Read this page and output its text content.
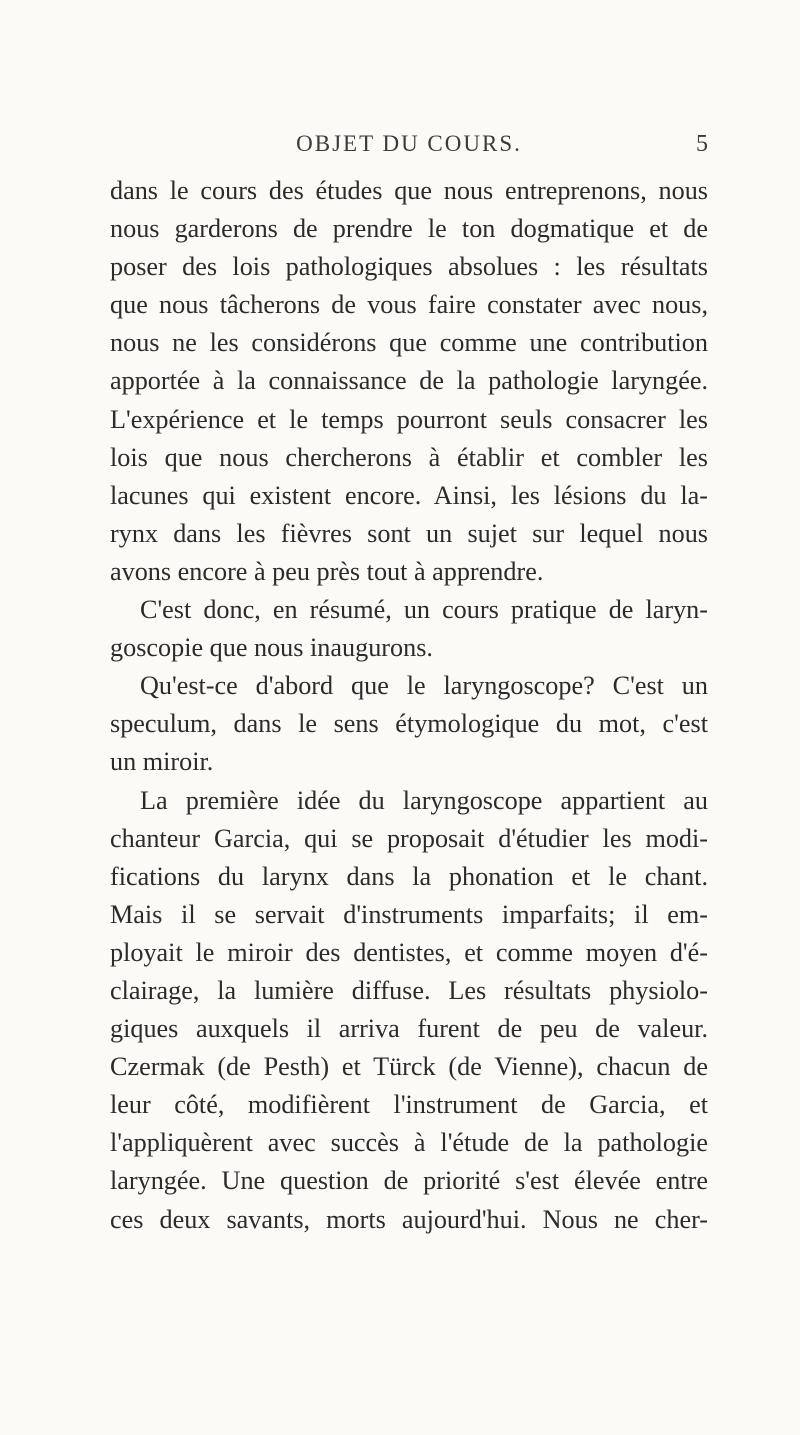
OBJET DU COURS.	5
dans le cours des études que nous entreprenons, nous
nous garderons de prendre le ton dogmatique et de
poser des lois pathologiques absolues : les résultats
que nous tâcherons de vous faire constater avec nous,
nous ne les considérons que comme une contribution
apportée à la connaissance de la pathologie laryngée.
L'expérience et le temps pourront seuls consacrer les
lois que nous chercherons à établir et combler les
lacunes qui existent encore. Ainsi, les lésions du la-
rynx dans les fièvres sont un sujet sur lequel nous
avons encore à peu près tout à apprendre.
C'est donc, en résumé, un cours pratique de laryn-
goscopie que nous inaugurons.
Qu'est-ce d'abord que le laryngoscope? C'est un
speculum, dans le sens étymologique du mot, c'est
un miroir.
La première idée du laryngoscope appartient au
chanteur Garcia, qui se proposait d'étudier les modi-
fications du larynx dans la phonation et le chant.
Mais il se servait d'instruments imparfaits; il em-
ployait le miroir des dentistes, et comme moyen d'é-
clairage, la lumière diffuse. Les résultats physiolo-
giques auxquels il arriva furent de peu de valeur.
Czermak (de Pesth) et Türck (de Vienne), chacun de
leur côté, modifièrent l'instrument de Garcia, et
l'appliquèrent avec succès à l'étude de la pathologie
laryngée. Une question de priorité s'est élevée entre
ces deux savants, morts aujourd'hui. Nous ne cher-
